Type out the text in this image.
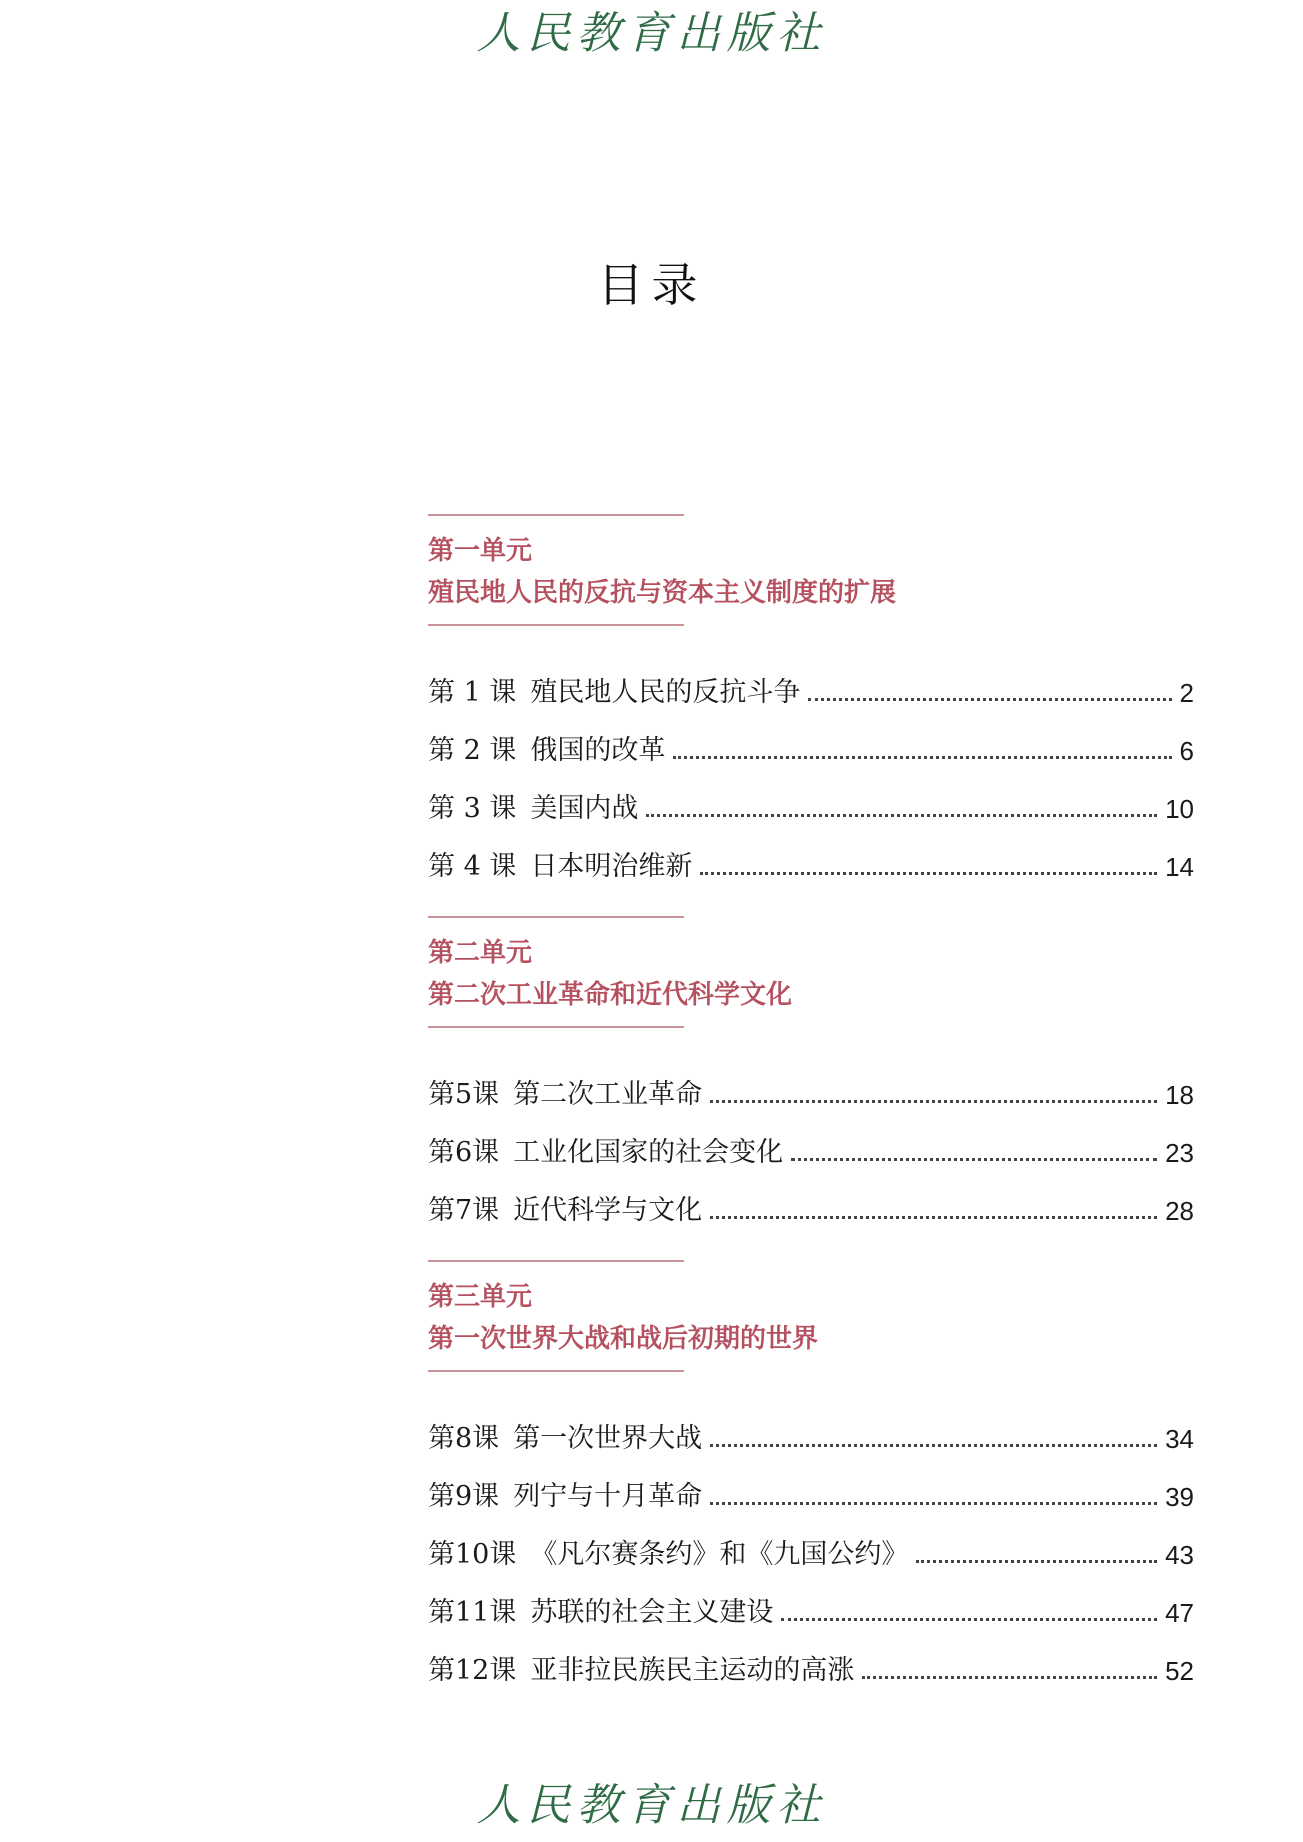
人民教育出版社
目录
第一单元
殖民地人民的反抗与资本主义制度的扩展
第 1 课 殖民地人民的反抗斗争	2
第 2 课 俄国的改革	6
第 3 课 美国内战	10
第 4 课 日本明治维新	14
第二单元
第二次工业革命和近代科学文化
第5课 第二次工业革命	18
第6课 工业化国家的社会变化	23
第7课 近代科学与文化	28
第三单元
第一次世界大战和战后初期的世界
第8课 第一次世界大战	34
第9课 列宁与十月革命	39
第10课 《凡尔赛条约》和《九国公约》	43
第11课 苏联的社会主义建设	47
第12课 亚非拉民族民主运动的高涨	52
人民教育出版社
